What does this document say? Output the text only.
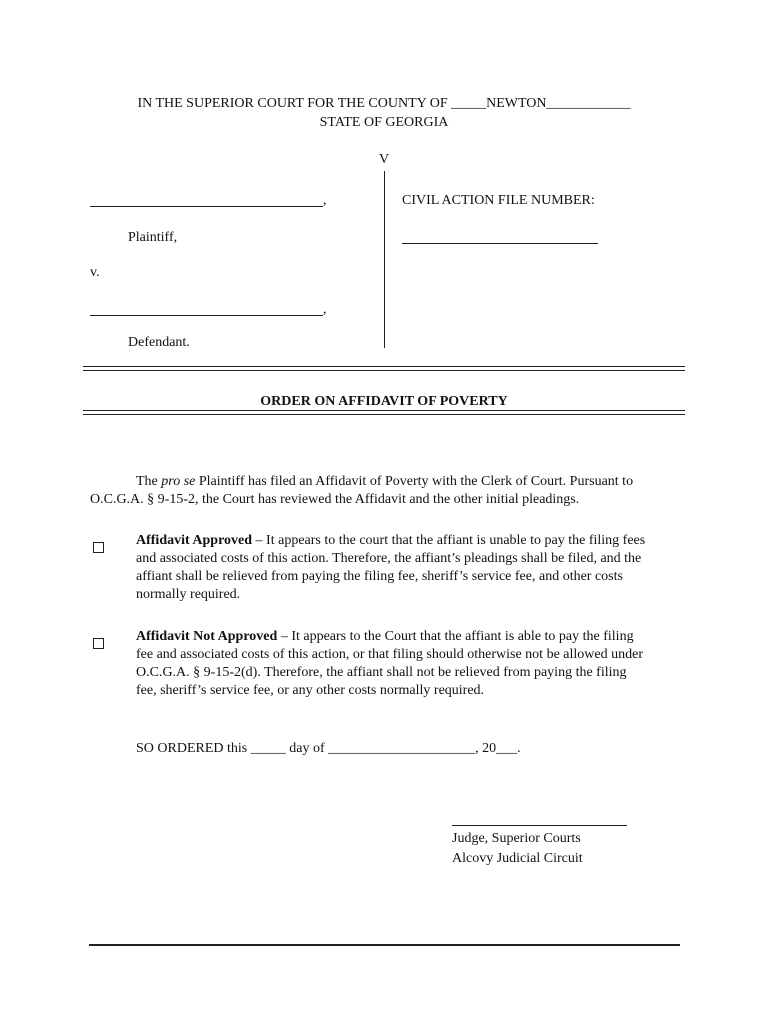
IN THE SUPERIOR COURT FOR THE COUNTY OF _____NEWTON____________
STATE OF GEORGIA
V
,
Plaintiff,
v.
,
Defendant.
CIVIL ACTION FILE NUMBER:
ORDER ON AFFIDAVIT OF POVERTY
The pro se Plaintiff has filed an Affidavit of Poverty with the Clerk of Court. Pursuant to O.C.G.A. § 9-15-2, the Court has reviewed the Affidavit and the other initial pleadings.
Affidavit Approved – It appears to the court that the affiant is unable to pay the filing fees and associated costs of this action. Therefore, the affiant’s pleadings shall be filed, and the affiant shall be relieved from paying the filing fee, sheriff’s service fee, and other costs normally required.
Affidavit Not Approved – It appears to the Court that the affiant is able to pay the filing fee and associated costs of this action, or that filing should otherwise not be allowed under O.C.G.A. § 9-15-2(d). Therefore, the affiant shall not be relieved from paying the filing fee, sheriff’s service fee, or any other costs normally required.
SO ORDERED this _____ day of _____________________, 20___.
Judge, Superior Courts
Alcovy Judicial Circuit
